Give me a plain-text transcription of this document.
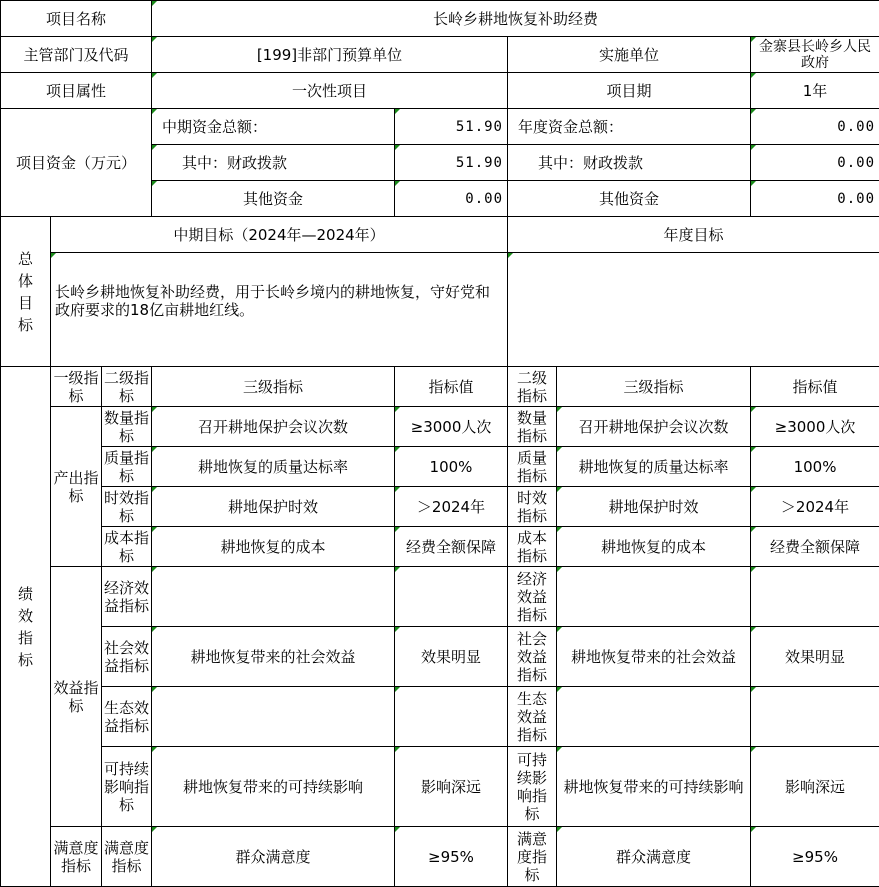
项目名称			长岭乡耕地恢复补助经费				
主管部门及代码			[199]非部门预算单位		实施单位		金寨县长岭乡人民政府
项目属性			一次性项目		项目期		1年
项目资金（万元）			中期资金总额：	51.90	年度资金总额：		0.00
			其中：财政拨款	51.90	其中：财政拨款		0.00
			其他资金	0.00	其他资金		0.00

总体目标	中期目标（2024年—2024年）				年度目标		

	长岭乡耕地恢复补助经费，用于长岭乡境内的耕地恢复，守好党和政府要求的18亿亩耕地红线。						

绩效指标	一级指标	二级指标	三级指标	指标值	二级指标	三级指标	指标值
	产出指标	数量指标	召开耕地保护会议次数	≥3000人次	数量指标	召开耕地保护会议次数	≥3000人次
		质量指标	耕地恢复的质量达标率	100%	质量指标	耕地恢复的质量达标率	100%
		时效指标	耕地保护时效	＞2024年	时效指标	耕地保护时效	＞2024年
		成本指标	耕地恢复的成本	经费全额保障	成本指标	耕地恢复的成本	经费全额保障
	效益指标	经济效益指标			经济效益指标		
		社会效益指标	耕地恢复带来的社会效益	效果明显	社会效益指标	耕地恢复带来的社会效益	效果明显
		生态效益指标			生态效益指标		
		可持续影响指标	耕地恢复带来的可持续影响	影响深远	可持续影响指标	耕地恢复带来的可持续影响	影响深远
	满意度指标	满意度指标	群众满意度	≥95%	满意度指标	群众满意度	≥95%
